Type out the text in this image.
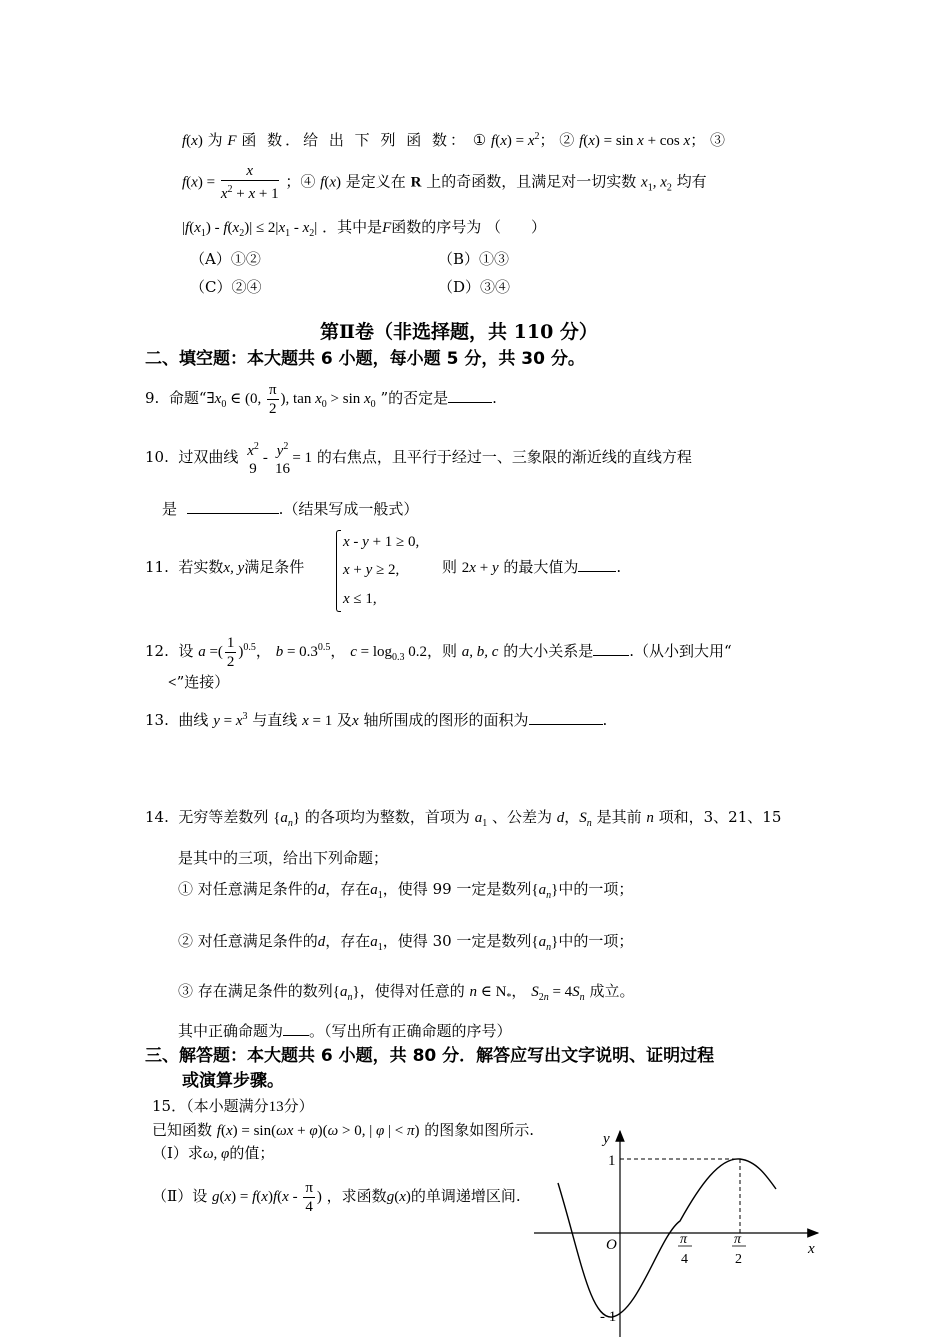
f(x) 为 F 函 数．给 出 下 列 函 数： ① $f(x) = x^2$； ② f(x) = sin x + cos x； ③
$f(x) = \frac{x}{x^2 + x + 1}$ ；④ f(x) 是定义在 R 上的奇函数，且满足对一切实数 $x_1$, $x_2$ 均有
$|f(x_1) - f(x_2)| \le 2|x_1 - x_2|$ ．其中是F函数的序号为 （　　）
（A）①②	（B）①③
（C）②④	（D）③④
第Ⅱ卷（非选择题，共 110 分）
二、填空题：本大题共 6 小题，每小题 5 分，共 30 分。
9. 命题“$\exists x_0$ ∈ (0, $\frac{\pi}{2}$ ), $\tan x_0 > \sin x_0$ ”的否定是	.
10. 过双曲线 $x^2$
9
- $y^2$
16
= 1 的右焦点，且平行于经过一、三象限的渐近线的直线方程
是	.（结果写成一般式）
11. 若实数x, y满足条件
x - y + 1 ≥ 0,
x + y ≥ 2,
x ≤ 1,
则 2x + y 的最大值为	.
12. 设 a =( $\frac{1}{2} )^{0.5}$， $b = 0.3^{0.5}$， $c = \log_{0.3} 0.2$，则 a, b, c 的大小关系是 .（从小到大用“
<”连接）
13. 曲线 $y = x^3$ 与直线 x = 1 及x 轴所围成的图形的面积为	.
14. 无穷等差数列 $\{a_n\}$ 的各项均为整数，首项为 $a_1$ 、公差为 d，$S_n$ 是其前 n 项和，3、21、15
是其中的三项，给出下列命题；
① 对任意满足条件的d，存在$a_1$，使得 99 一定是数列$\{a_n\}$中的一项；
② 对任意满足条件的d，存在$a_1$，使得 30 一定是数列$\{a_n\}$中的一项；
③ 存在满足条件的数列$\{a_n\}$，使得对任意的 n ∈ $N_*$， $S_{2n} = 4S_n$ 成立。
其中正确命题为 。（写出所有正确命题的序号）
三、解答题：本大题共 6 小题，共 80 分．解答应写出文字说明、证明过程
或演算步骤。
15．（本小题满分13分）
已知函数 f(x) = sin(ωx + φ)(ω > 0, | φ | < π) 的图象如图所示.
（Ⅰ）求ω, φ的值；
（Ⅱ）设 $g(x) = f(x)f(x - \frac{\pi}{4}$ ) ，求函数g(x)的单调递增区间.
y
x
O
1
- 1
π
4
π
2
